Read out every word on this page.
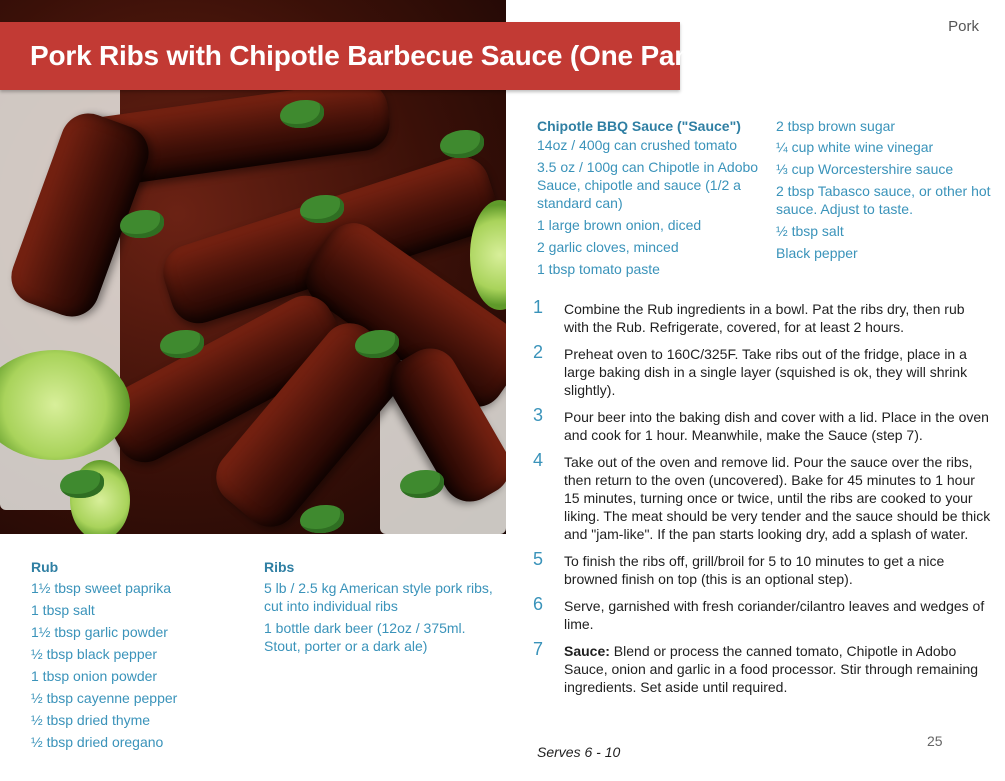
Pork Ribs with Chipotle Barbecue Sauce (One Pan)
Pork
Chipotle BBQ Sauce ("Sauce")
14oz / 400g can crushed tomato
3.5 oz / 100g can Chipotle in Adobo Sauce, chipotle and sauce (1/2 a standard can)
1 large brown onion, diced
2 garlic cloves, minced
1 tbsp tomato paste
2 tbsp brown sugar
¼ cup white wine vinegar
⅓ cup Worcestershire sauce
2 tbsp Tabasco sauce, or other hot sauce. Adjust to taste.
½ tbsp salt
Black pepper
1 Combine the Rub ingredients in a bowl. Pat the ribs dry, then rub with the Rub. Refrigerate, covered, for at least 2 hours.
2 Preheat oven to 160C/325F. Take ribs out of the fridge, place in a large baking dish in a single layer (squished is ok, they will shrink slightly).
3 Pour beer into the baking dish and cover with a lid. Place in the oven and cook for 1 hour. Meanwhile, make the Sauce (step 7).
4 Take out of the oven and remove lid. Pour the sauce over the ribs, then return to the oven (uncovered). Bake for 45 minutes to 1 hour 15 minutes, turning once or twice, until the ribs are cooked to your liking. The meat should be very tender and the sauce should be thick and "jam-like". If the pan starts looking dry, add a splash of water.
5 To finish the ribs off, grill/broil for 5 to 10 minutes to get a nice browned finish on top (this is an optional step).
6 Serve, garnished with fresh coriander/cilantro leaves and wedges of lime.
7 Sauce: Blend or process the canned tomato, Chipotle in Adobo Sauce, onion and garlic in a food processor. Stir through remaining ingredients. Set aside until required.
Serves 6 - 10
25
Rub
1½ tbsp sweet paprika
1 tbsp salt
1½ tbsp garlic powder
½ tbsp black pepper
1 tbsp onion powder
½ tbsp cayenne pepper
½ tbsp dried thyme
½ tbsp dried oregano
Ribs
5 lb / 2.5 kg American style pork ribs, cut into individual ribs
1 bottle dark beer (12oz / 375ml. Stout, porter or a dark ale)
